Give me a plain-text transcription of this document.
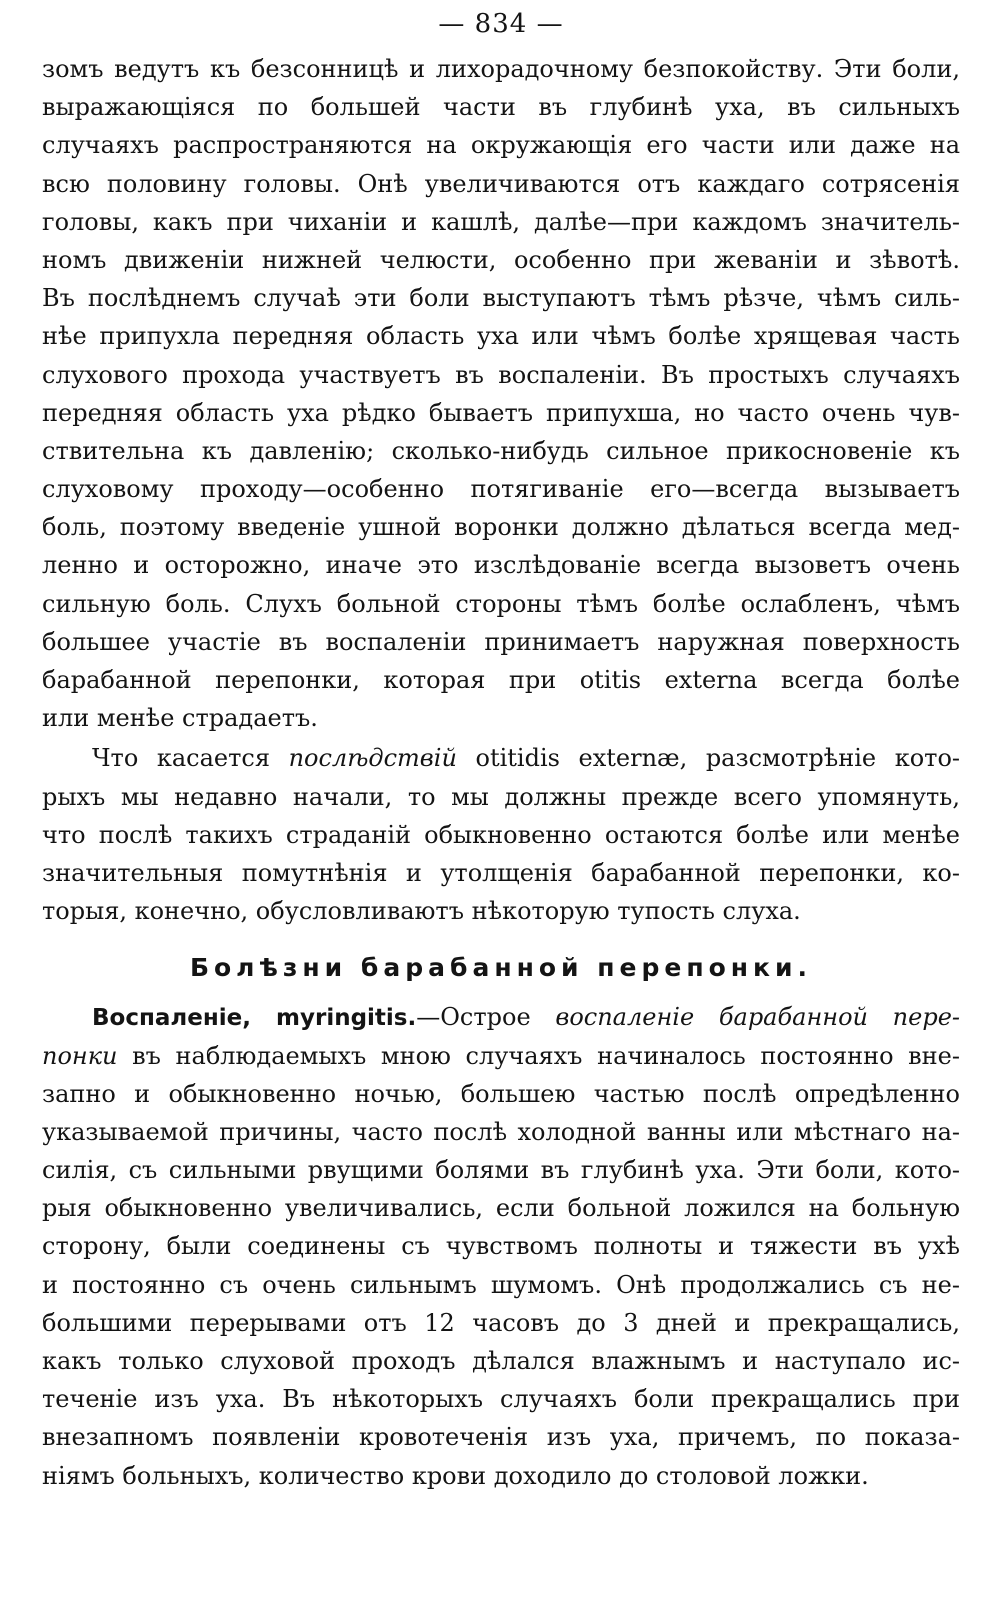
— 834 —
зомъ ведутъ къ безсонницѣ и лихорадочному безпокойству. Эти боли,
выражающіяся по большей части въ глубинѣ уха, въ сильныхъ
случаяхъ распространяются на окружающія его части или даже на
всю половину головы. Онѣ увеличиваются отъ каждаго сотрясенія
головы, какъ при чиханіи и кашлѣ, далѣе—при каждомъ значитель-
номъ движеніи нижней челюсти, особенно при жеваніи и зѣвотѣ.
Въ послѣднемъ случаѣ эти боли выступаютъ тѣмъ рѣзче, чѣмъ силь-
нѣе припухла передняя область уха или чѣмъ болѣе хрящевая часть
слухового прохода участвуетъ въ воспаленіи. Въ простыхъ случаяхъ
передняя область уха рѣдко бываетъ припухша, но часто очень чув-
ствительна къ давленію; сколько-нибудь сильное прикосновеніе къ
слуховому проходу—особенно потягиваніе его—всегда вызываетъ
боль, поэтому введеніе ушной воронки должно дѣлаться всегда мед-
ленно и осторожно, иначе это изслѣдованіе всегда вызоветъ очень
сильную боль. Слухъ больной стороны тѣмъ болѣе ослабленъ, чѣмъ
большее участіе въ воспаленіи принимаетъ наружная поверхность
барабанной перепонки, которая при otitis externa всегда болѣе
или менѣе страдаетъ.
Что касается послѣдствій otitidis externæ, разсмотрѣніе кото-
рыхъ мы недавно начали, то мы должны прежде всего упомянуть,
что послѣ такихъ страданій обыкновенно остаются болѣе или менѣе
значительныя помутнѣнія и утолщенія барабанной перепонки, ко-
торыя, конечно, обусловливаютъ нѣкоторую тупость слуха.
Болѣзни барабанной перепонки.
Воспаленіе, myringitis.—Острое воспаленіе барабанной пере-
понки въ наблюдаемыхъ мною случаяхъ начиналось постоянно вне-
запно и обыкновенно ночью, большею частью послѣ опредѣленно
указываемой причины, часто послѣ холодной ванны или мѣстнаго на-
силія, съ сильными рвущими болями въ глубинѣ уха. Эти боли, кото-
рыя обыкновенно увеличивались, если больной ложился на больную
сторону, были соединены съ чувствомъ полноты и тяжести въ ухѣ
и постоянно съ очень сильнымъ шумомъ. Онѣ продолжались съ не-
большими перерывами отъ 12 часовъ до 3 дней и прекращались,
какъ только слуховой проходъ дѣлался влажнымъ и наступало ис-
теченіе изъ уха. Въ нѣкоторыхъ случаяхъ боли прекращались при
внезапномъ появленіи кровотеченія изъ уха, причемъ, по показа-
ніямъ больныхъ, количество крови доходило до столовой ложки.
